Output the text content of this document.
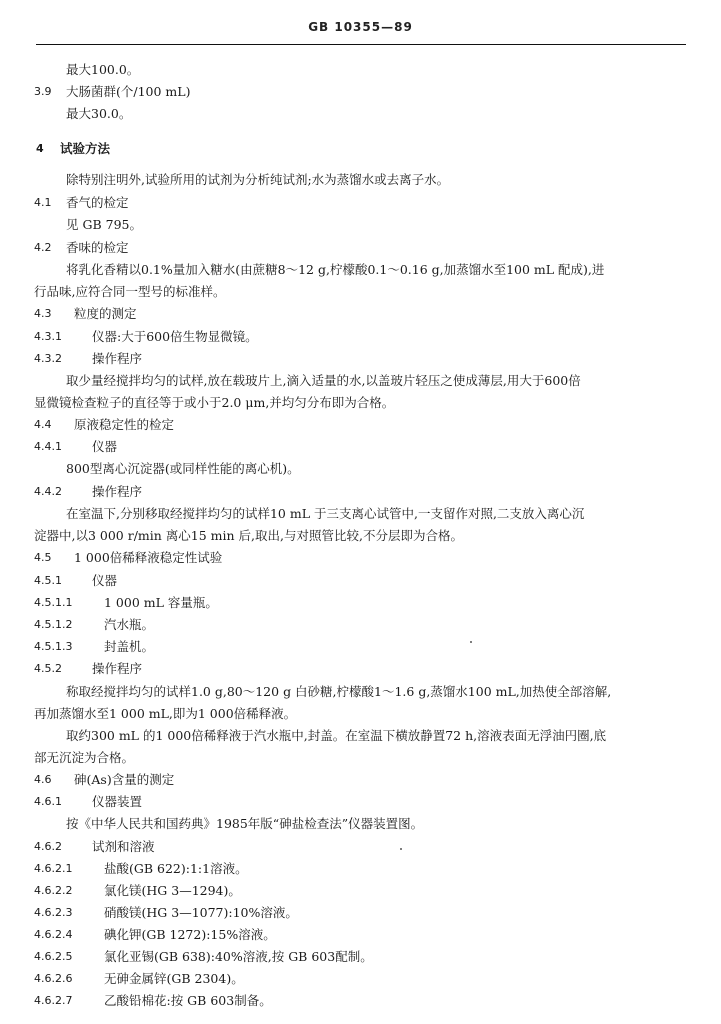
GB 10355—89
最大100.0。
3.9 大肠菌群(个/100 mL)
最大30.0。
4 试验方法
除特别注明外,试验所用的试剂为分析纯试剂;水为蒸馏水或去离子水。
4.1 香气的检定
见 GB 795。
4.2 香味的检定
将乳化香精以0.1%量加入糖水(由蔗糖8～12 g,柠檬酸0.1～0.16 g,加蒸馏水至100 mL 配成),进
行品味,应符合同一型号的标准样。
4.3 粒度的测定
4.3.1 仪器:大于600倍生物显微镜。
4.3.2 操作程序
取少量经搅拌均匀的试样,放在载玻片上,滴入适量的水,以盖玻片轻压之使成薄层,用大于600倍
显微镜检查粒子的直径等于或小于2.0 μm,并均匀分布即为合格。
4.4 原液稳定性的检定
4.4.1 仪器
800型离心沉淀器(或同样性能的离心机)。
4.4.2 操作程序
在室温下,分别移取经搅拌均匀的试样10 mL 于三支离心试管中,一支留作对照,二支放入离心沉
淀器中,以3 000 r/min 离心15 min 后,取出,与对照管比较,不分层即为合格。
4.5 1 000倍稀释液稳定性试验
4.5.1 仪器
4.5.1.1	1 000 mL 容量瓶。
4.5.1.2	汽水瓶。
4.5.1.3	封盖机。
4.5.2 操作程序
称取经搅拌均匀的试样1.0 g,80～120 g 白砂糖,柠檬酸1～1.6 g,蒸馏水100 mL,加热使全部溶解,
再加蒸馏水至1 000 mL,即为1 000倍稀释液。
取约300 mL 的1 000倍稀释液于汽水瓶中,封盖。在室温下横放静置72 h,溶液表面无浮油円圈,底
部无沉淀为合格。
4.6 砷(As)含量的测定
4.6.1 仪器装置
按《中华人民共和国药典》1985年版“砷盐检查法”仪器装置图。
4.6.2 试剂和溶液
4.6.2.1	盐酸(GB 622):1:1溶液。
4.6.2.2	氯化镁(HG 3—1294)。
4.6.2.3	硝酸镁(HG 3—1077):10%溶液。
4.6.2.4	碘化钾(GB 1272):15%溶液。
4.6.2.5	氯化亚锡(GB 638):40%溶液,按 GB 603配制。
4.6.2.6	无砷金属锌(GB 2304)。
4.6.2.7	乙酸铅棉花:按 GB 603制备。
